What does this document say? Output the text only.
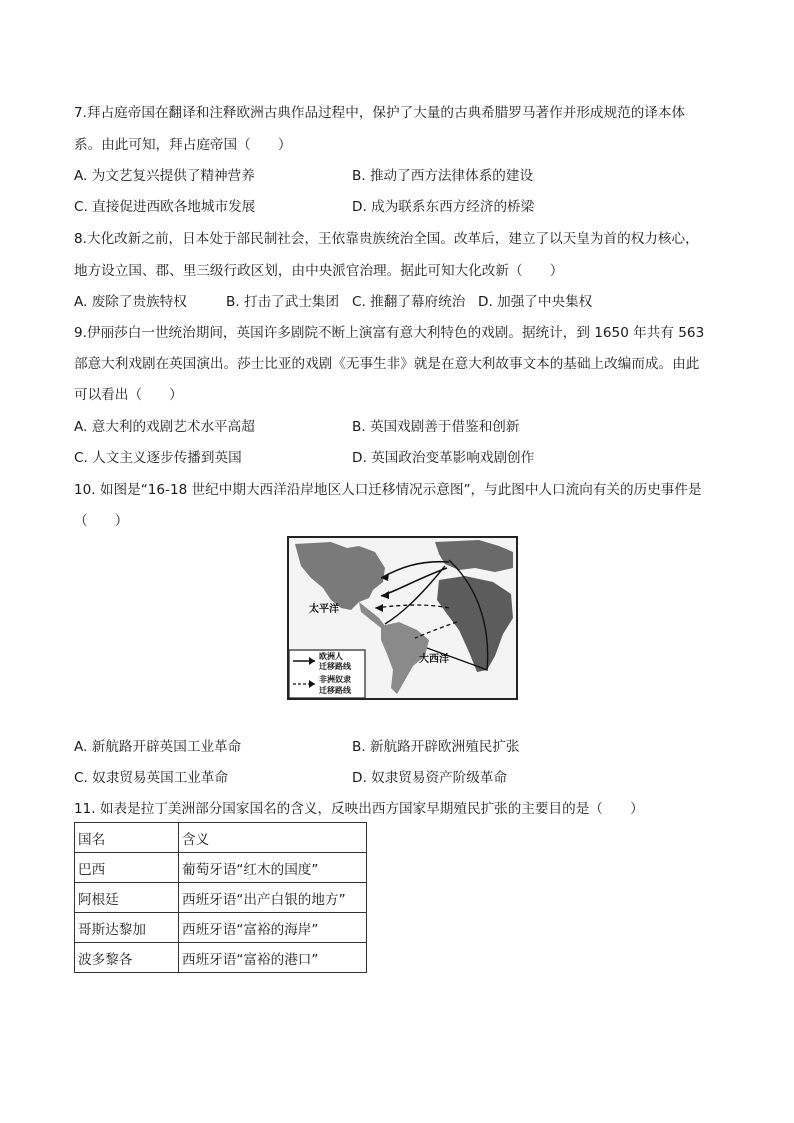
7.拜占庭帝国在翻译和注释欧洲古典作品过程中，保护了大量的古典希腊罗马著作并形成规范的译本体
系。由此可知，拜占庭帝国（　　）
A. 为文艺复兴提供了精神营养	B. 推动了西方法律体系的建设
C. 直接促进西欧各地城市发展	D. 成为联系东西方经济的桥梁
8.大化改新之前，日本处于部民制社会，王依靠贵族统治全国。改革后，建立了以天皇为首的权力核心，
地方设立国、郡、里三级行政区划，由中央派官治理。据此可知大化改新（　　）
A. 废除了贵族特权	B. 打击了武士集团 C. 推翻了幕府统治 D. 加强了中央集权
9.伊丽莎白一世统治期间，英国许多剧院不断上演富有意大利特色的戏剧。据统计，到 1650 年共有 563
部意大利戏剧在英国演出。莎士比亚的戏剧《无事生非》就是在意大利故事文本的基础上改编而成。由此
可以看出（　　）
A. 意大利的戏剧艺术水平高超	B. 英国戏剧善于借鉴和创新
C. 人文主义逐步传播到英国	D. 英国政治变革影响戏剧创作
10. 如图是“16-18 世纪中期大西洋沿岸地区人口迁移情况示意图”，与此图中人口流向有关的历史事件是
（　　）
太平洋
大西洋
欧洲人
迁移路线
非洲奴隶
迁移路线
A. 新航路开辟英国工业革命	B. 新航路开辟欧洲殖民扩张
C. 奴隶贸易英国工业革命	D. 奴隶贸易资产阶级革命
11. 如表是拉丁美洲部分国家国名的含义，反映出西方国家早期殖民扩张的主要目的是（　　）
国名	含义
巴西	葡萄牙语“红木的国度”
阿根廷	西班牙语“出产白银的地方”
哥斯达黎加	西班牙语“富裕的海岸”
波多黎各	西班牙语“富裕的港口”
